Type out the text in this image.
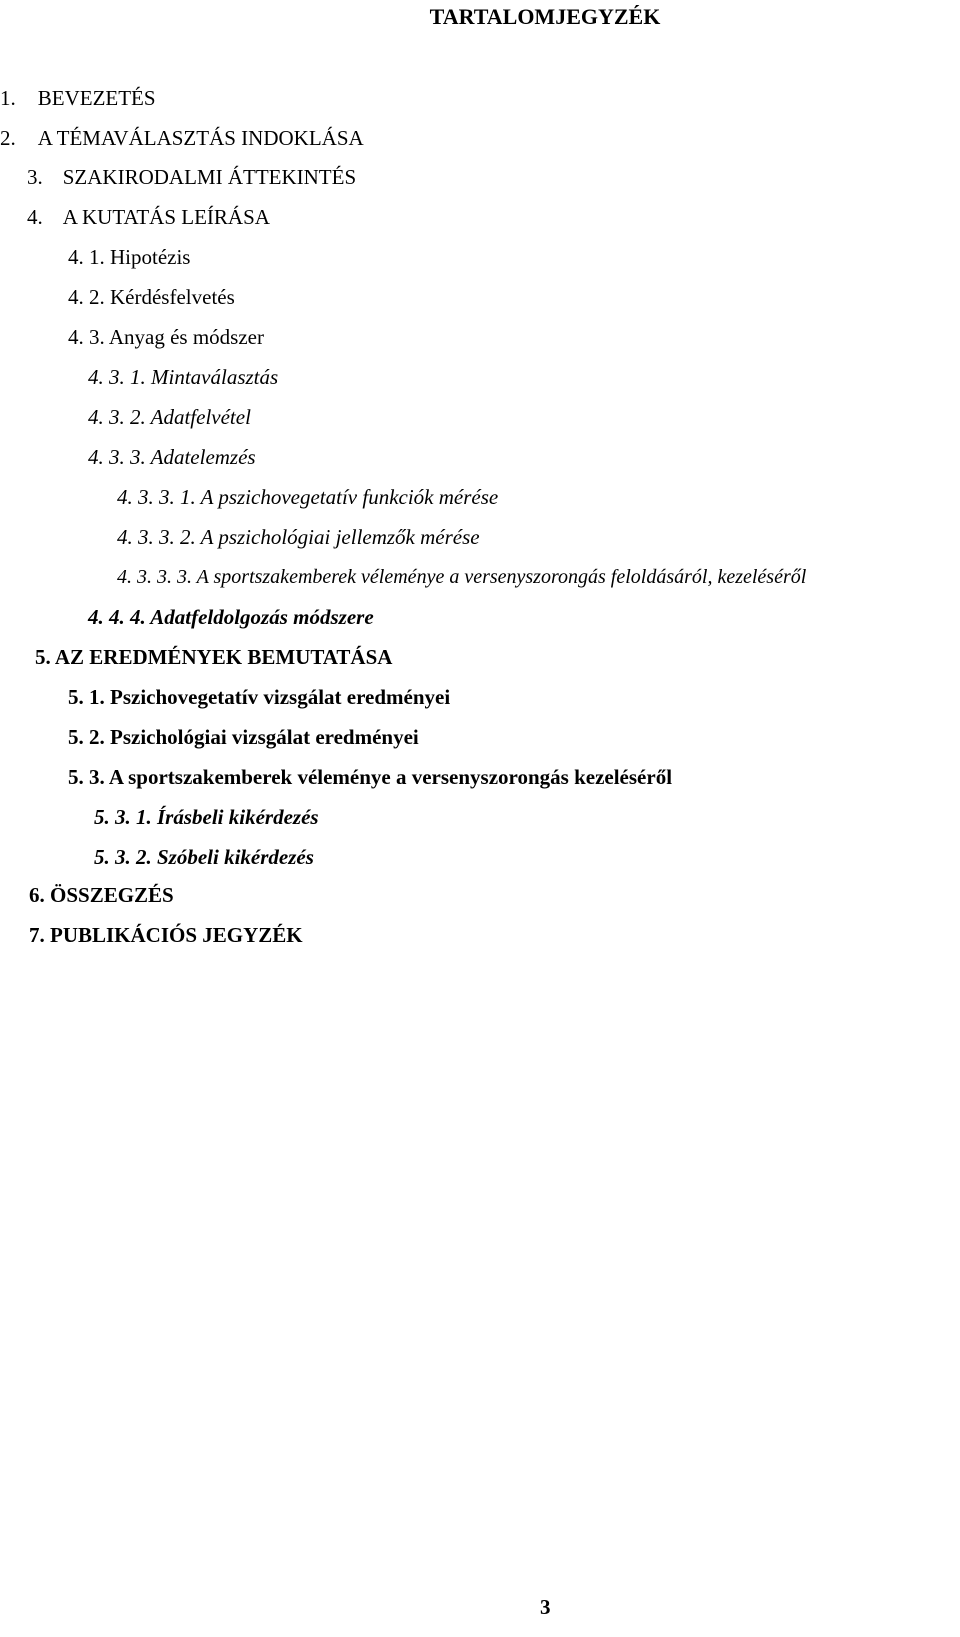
TARTALOMJEGYZÉK
1. BEVEZETÉS
2. A TÉMAVÁLASZTÁS INDOKLÁSA
3. SZAKIRODALMI ÁTTEKINTÉS
4. A KUTATÁS LEÍRÁSA
4. 1. Hipotézis
4. 2. Kérdésfelvetés
4. 3. Anyag és módszer
4. 3. 1. Mintaválasztás
4. 3. 2. Adatfelvétel
4. 3. 3. Adatelemzés
4. 3. 3. 1. A pszichovegetatív funkciók mérése
4. 3. 3. 2. A pszichológiai jellemzők mérése
4. 3. 3. 3. A sportszakemberek véleménye a versenyszorongás feloldásáról, kezeléséről
4. 4. 4. Adatfeldolgozás módszere
5. AZ EREDMÉNYEK BEMUTATÁSA
5. 1. Pszichovegetatív vizsgálat eredményei
5. 2. Pszichológiai vizsgálat eredményei
5. 3. A sportszakemberek véleménye a versenyszorongás kezeléséről
5. 3. 1. Írásbeli kikérdezés
5. 3. 2. Szóbeli kikérdezés
6. ÖSSZEGZÉS
7. PUBLIKÁCIÓS JEGYZÉK
3
